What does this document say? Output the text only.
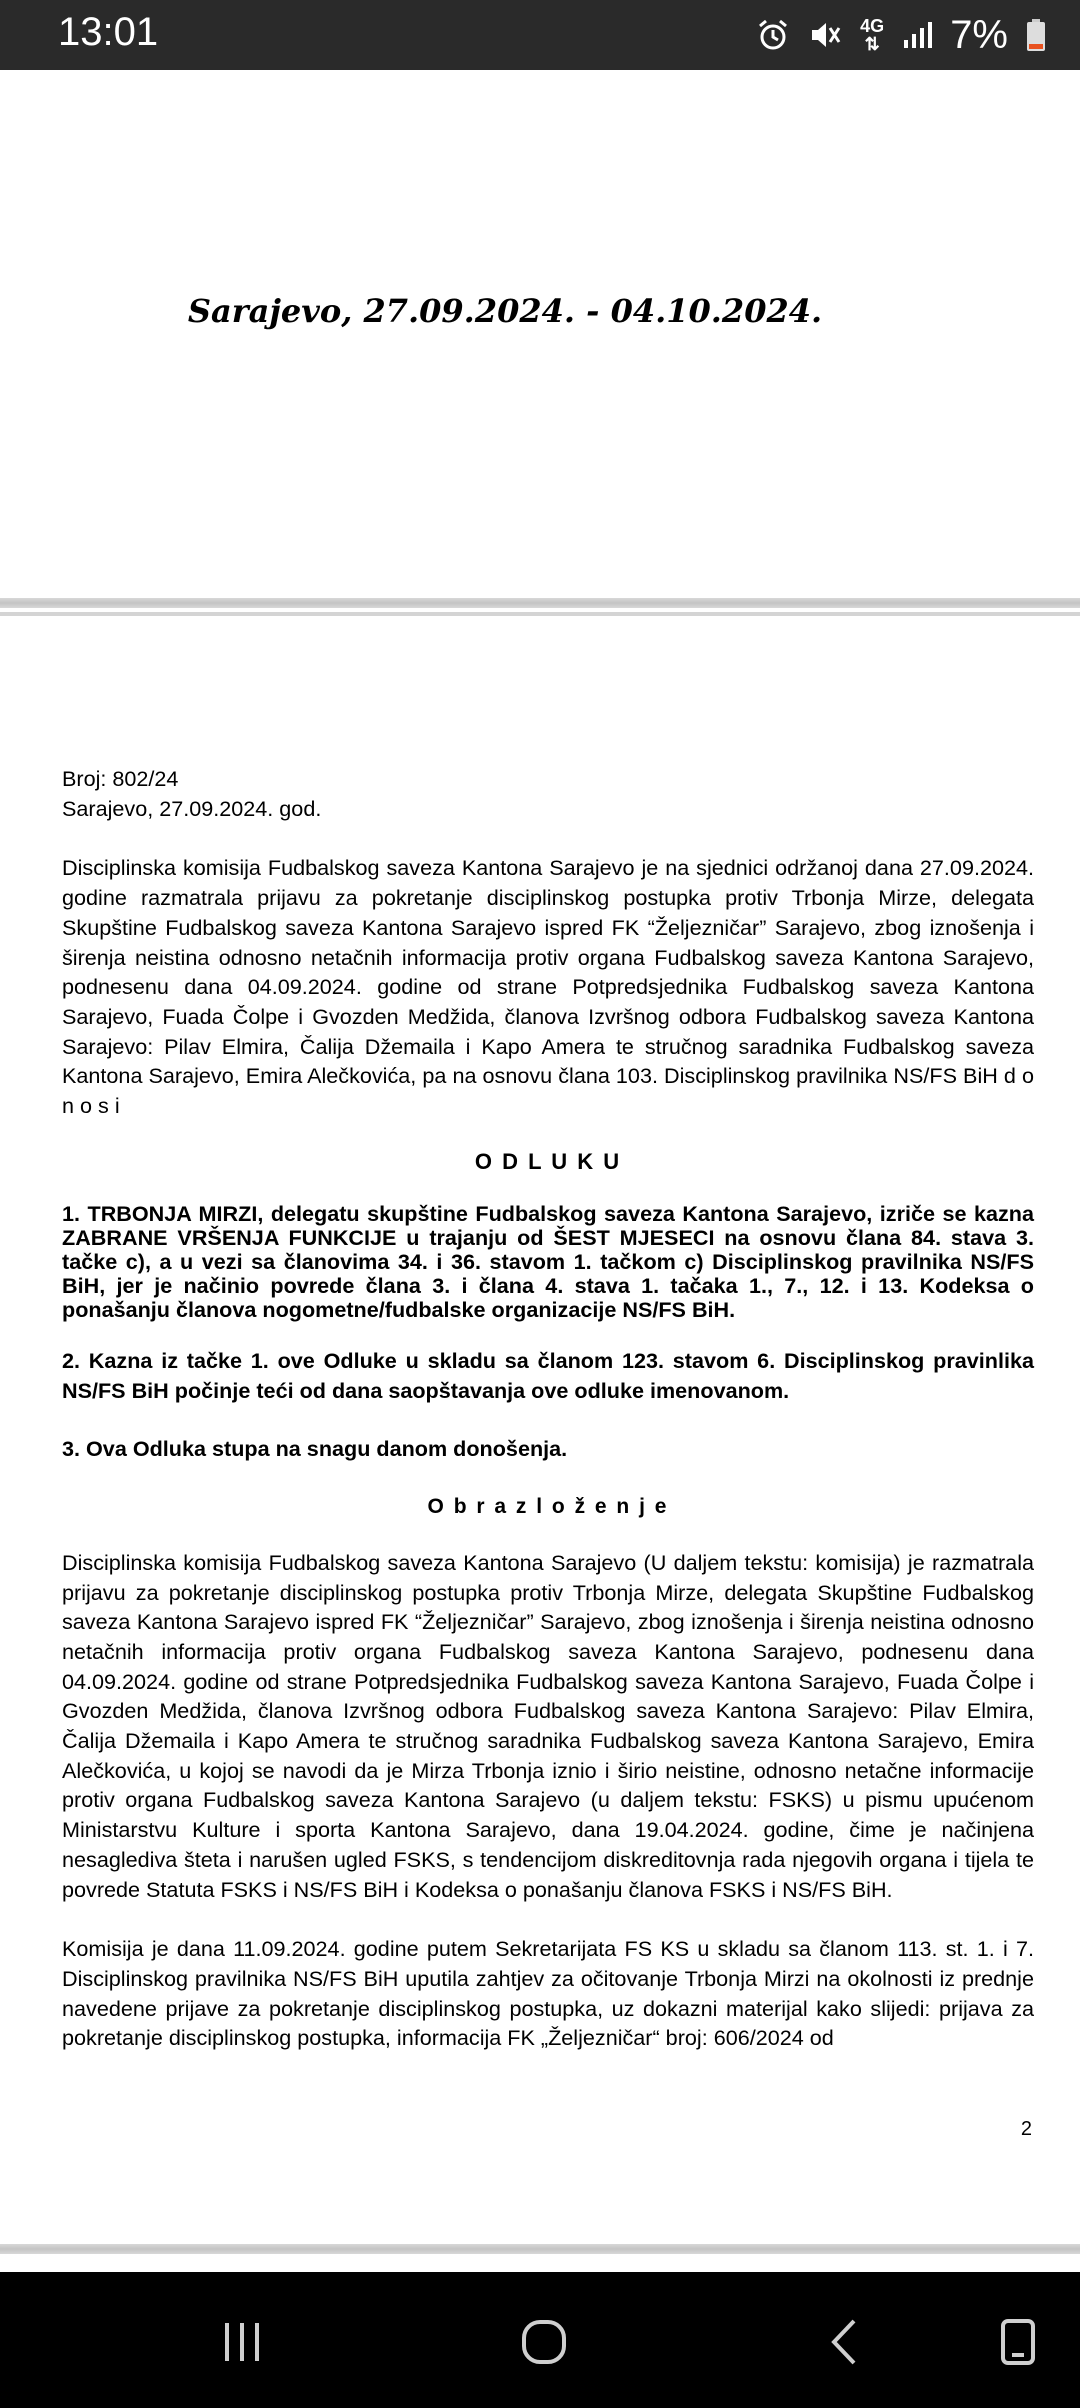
13:01	4G
⇅ 7%
Sarajevo, 27.09.2024. - 04.10.2024.

Broj: 802/24

Sarajevo, 27.09.2024. god.

Disciplinska komisija Fudbalskog saveza Kantona Sarajevo je na sjednici održanoj dana 27.09.2024. godine razmatrala prijavu za pokretanje disciplinskog postupka protiv Trbonja Mirze, delegata Skupštine Fudbalskog saveza Kantona Sarajevo ispred FK “Željezničar” Sarajevo, zbog iznošenja i širenja neistina odnosno netačnih informacija protiv organa Fudbalskog saveza Kantona Sarajevo, podnesenu dana 04.09.2024. godine od strane Potpredsjednika Fudbalskog saveza Kantona Sarajevo, Fuada Čolpe i Gvozden Medžida, članova Izvršnog odbora Fudbalskog saveza Kantona Sarajevo: Pilav Elmira, Čalija Džemaila i Kapo Amera te stručnog saradnika Fudbalskog saveza Kantona Sarajevo, Emira Alečkovića, pa na osnovu člana 103. Disciplinskog pravilnika NS/FS BiH d o n o s i

O D L U K U

1. TRBONJA MIRZI, delegatu skupštine Fudbalskog saveza Kantona Sarajevo, izriče se kazna ZABRANE VRŠENJA FUNKCIJE u trajanju od ŠEST MJESECI na osnovu člana 84. stava 3. tačke c), a u vezi sa članovima 34. i 36. stavom 1. tačkom c) Disciplinskog pravilnika NS/FS BiH, jer je načinio povrede člana 3. i člana 4. stava 1. tačaka 1., 7., 12. i 13. Kodeksa o ponašanju članova nogometne/fudbalske organizacije NS/FS BiH.

2. Kazna iz tačke 1. ove Odluke u skladu sa članom 123. stavom 6. Disciplinskog pravinlika NS/FS BiH počinje teći od dana saopštavanja ove odluke imenovanom.

3. Ova Odluka stupa na snagu danom donošenja.

O b r a z l o ž e n j e

Disciplinska komisija Fudbalskog saveza Kantona Sarajevo (U daljem tekstu: komisija) je razmatrala prijavu za pokretanje disciplinskog postupka protiv Trbonja Mirze, delegata Skupštine Fudbalskog saveza Kantona Sarajevo ispred FK “Željezničar” Sarajevo, zbog iznošenja i širenja neistina odnosno netačnih informacija protiv organa Fudbalskog saveza Kantona Sarajevo, podnesenu dana 04.09.2024. godine od strane Potpredsjednika Fudbalskog saveza Kantona Sarajevo, Fuada Čolpe i Gvozden Medžida, članova Izvršnog odbora Fudbalskog saveza Kantona Sarajevo: Pilav Elmira, Čalija Džemaila i Kapo Amera te stručnog saradnika Fudbalskog saveza Kantona Sarajevo, Emira Alečkovića, u kojoj se navodi da je Mirza Trbonja iznio i širio neistine, odnosno netačne informacije protiv organa Fudbalskog saveza Kantona Sarajevo (u daljem tekstu: FSKS) u pismu upućenom Ministarstvu Kulture i sporta Kantona Sarajevo, dana 19.04.2024. godine, čime je načinjena nesaglediva šteta i narušen ugled FSKS, s tendencijom diskreditovnja rada njegovih organa i tijela te povrede Statuta FSKS i NS/FS BiH i Kodeksa o ponašanju članova FSKS i NS/FS BiH.

Komisija je dana 11.09.2024. godine putem Sekretarijata FS KS u skladu sa članom 113. st. 1. i 7. Disciplinskog pravilnika NS/FS BiH uputila zahtjev za očitovanje Trbonja Mirzi na okolnosti iz prednje navedene prijave za pokretanje disciplinskog postupka, uz dokazni materijal kako slijedi: prijava za pokretanje disciplinskog postupka, informacija FK „Željezničar“ broj: 606/2024 od

2
